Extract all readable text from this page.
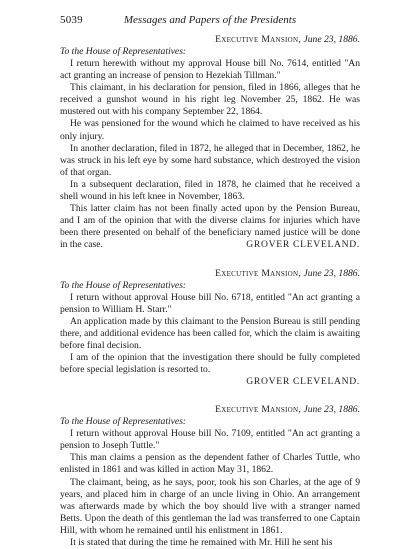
5039	Messages and Papers of the Presidents
Executive Mansion, June 23, 1886.
To the House of Representatives:

I return herewith without my approval House bill No. 7614, entitled "An act granting an increase of pension to Hezekiah Tillman."

This claimant, in his declaration for pension, filed in 1866, alleges that he received a gunshot wound in his right leg November 25, 1862. He was mustered out with his company September 22, 1864.

He was pensioned for the wound which he claimed to have received as his only injury.

In another declaration, filed in 1872, he alleged that in December, 1862, he was struck in his left eye by some hard substance, which destroyed the vision of that organ.

In a subsequent declaration, filed in 1878, he claimed that he received a shell wound in his left knee in November, 1863.

This latter claim has not been finally acted upon by the Pension Bureau, and I am of the opinion that with the diverse claims for injuries which have been there presented on behalf of the beneficiary named justice will be done in the case.	GROVER CLEVELAND.

Executive Mansion, June 23, 1886.
To the House of Representatives:

I return without approval House bill No. 6718, entitled "An act granting a pension to William H. Starr."

An application made by this claimant to the Pension Bureau is still pending there, and additional evidence has been called for, which the claim is awaiting before final decision.

I am of the opinion that the investigation there should be fully completed before special legislation is resorted to.

GROVER CLEVELAND.
Executive Mansion, June 23, 1886.
To the House of Representatives:

I return without approval House bill No. 7109, entitled "An act granting a pension to Joseph Tuttle."

This man claims a pension as the dependent father of Charles Tuttle, who enlisted in 1861 and was killed in action May 31, 1862.

The claimant, being, as he says, poor, took his son Charles, at the age of 9 years, and placed him in charge of an uncle living in Ohio. An arrangement was afterwards made by which the boy should live with a stranger named Betts. Upon the death of this gentleman the lad was transferred to one Captain Hill, with whom he remained until his enlistment in 1861.

It is stated that during the time he remained with Mr. Hill he sent his
